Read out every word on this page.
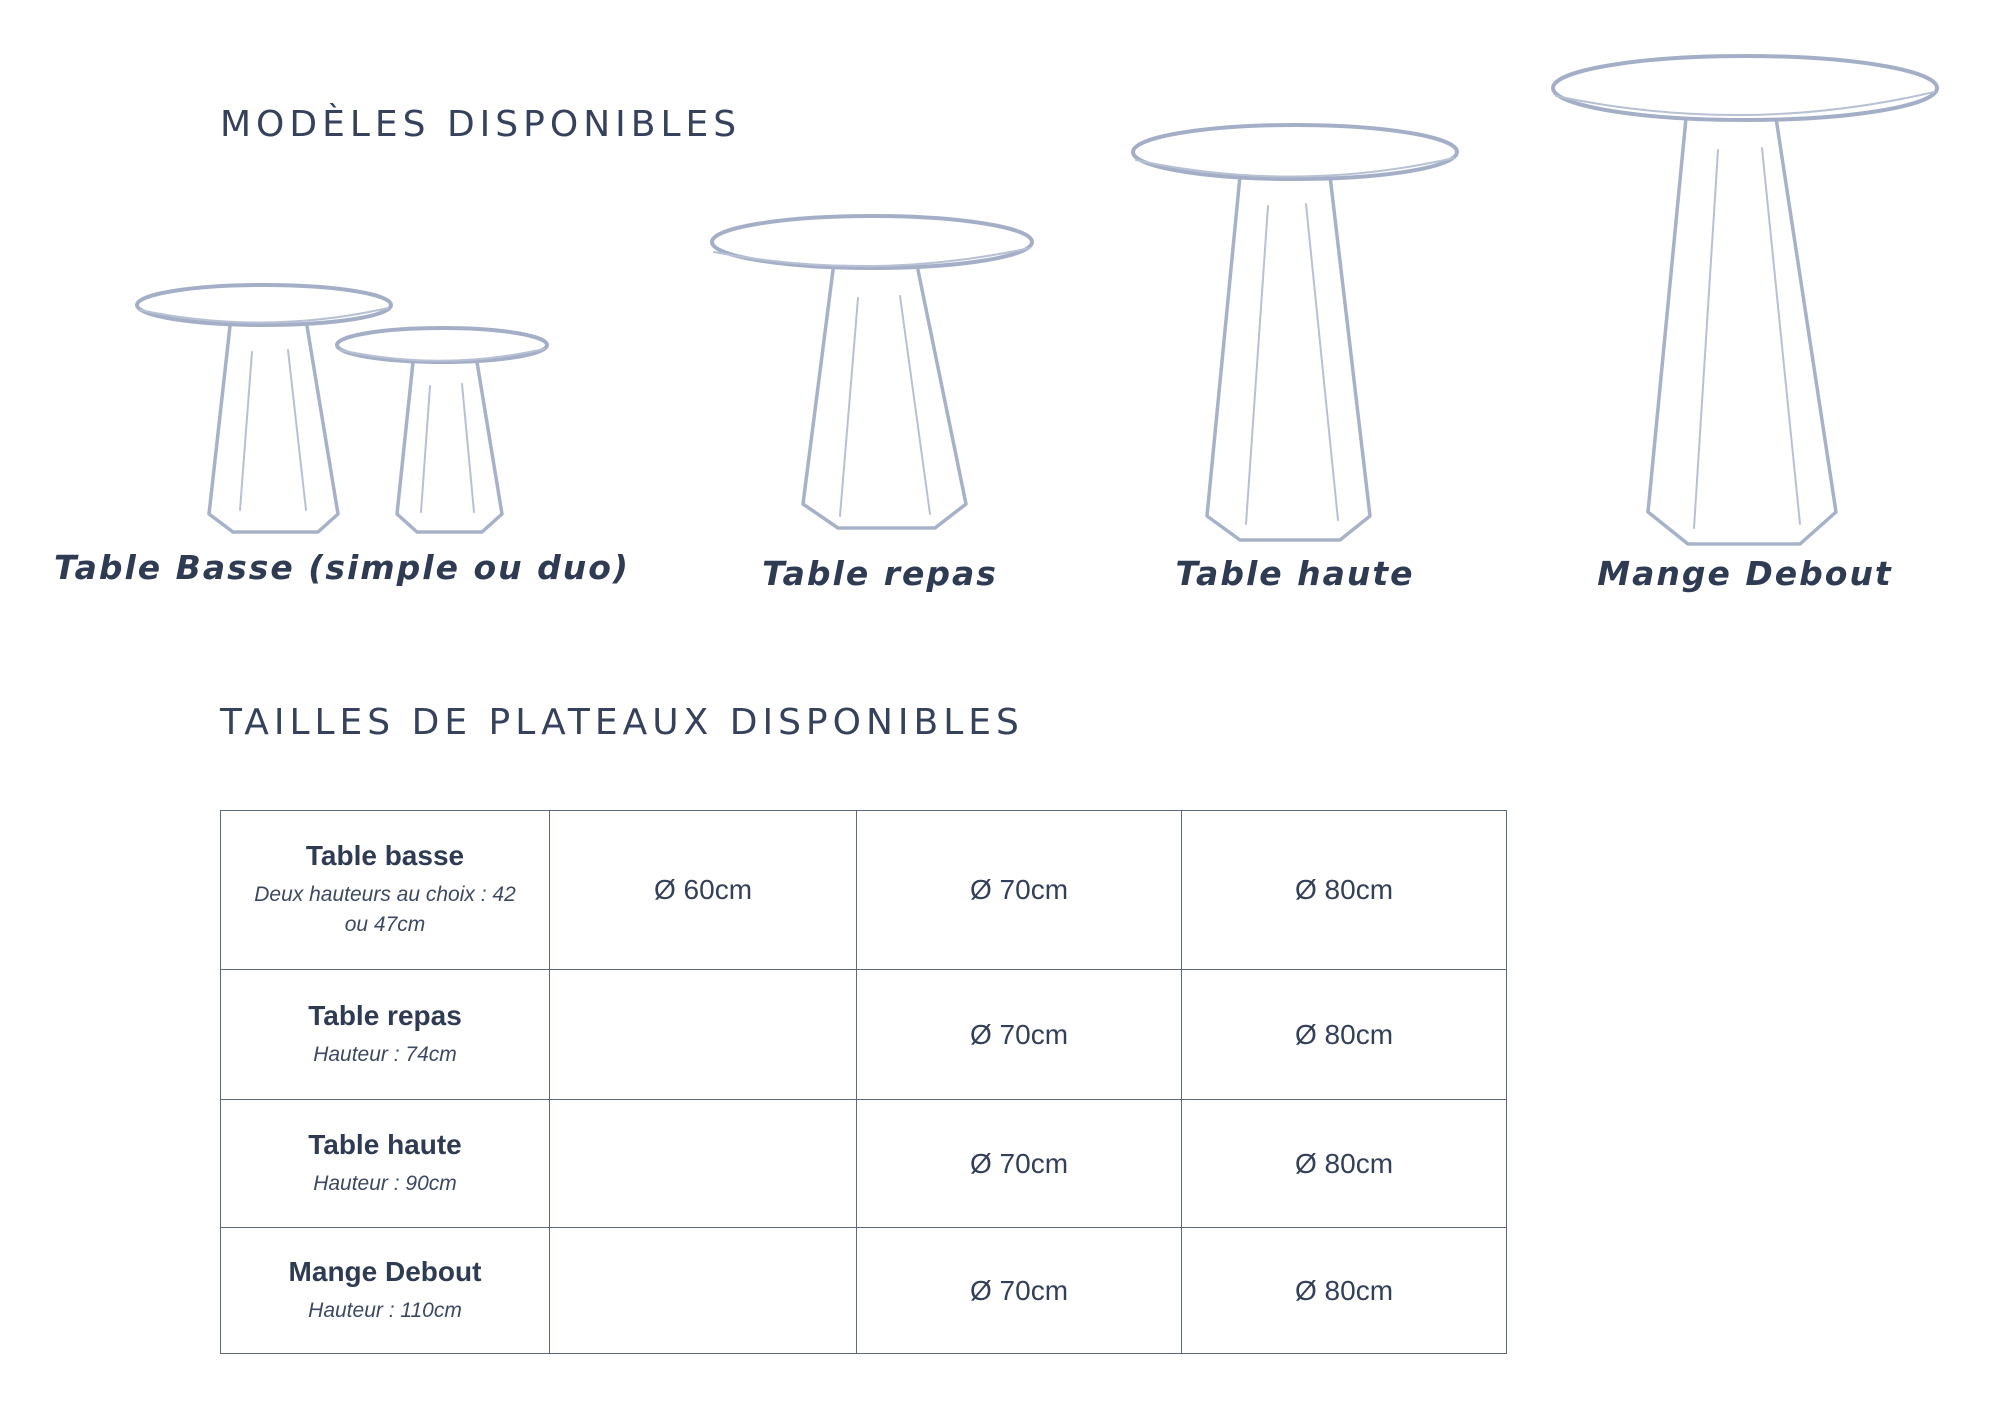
MODÈLES DISPONIBLES
Table Basse (simple ou duo)	Table repas	Table haute	Mange Debout
TAILLES DE PLATEAUX DISPONIBLES
Table basse
Deux hauteurs au choix : 42 ou 47cm	Ø 60cm	Ø 70cm	Ø 80cm

Table repas
Hauteur : 74cm		Ø 70cm	Ø 80cm

Table haute
Hauteur : 90cm		Ø 70cm	Ø 80cm

Mange Debout
Hauteur : 110cm		Ø 70cm	Ø 80cm
